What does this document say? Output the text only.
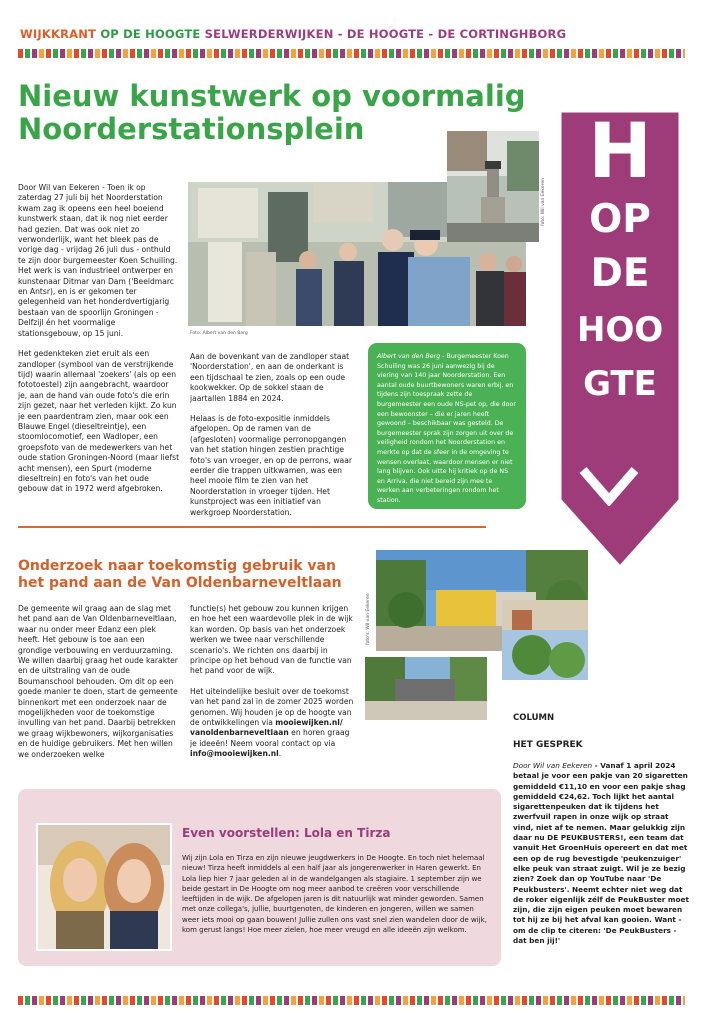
WIJKKRANT OP DE HOOGTE SELWERDERWIJKEN - DE HOOGTE - DE CORTINGHBORG
Nieuw kunstwerk op voormalig Noorderstationsplein

Door Wil van Eekeren - Toen ik op zaterdag 27 juli bij het Noorderstation kwam zag ik opeens een heel boeiend kunstwerk staan, dat ik nog niet eerder had gezien. Dat was ook niet zo verwonderlijk, want het bleek pas de vorige dag - vrijdag 26 juli dus - onthuld te zijn door burgemeester Koen Schuiling. Het werk is van industrieel ontwerper en kunstenaar Ditmar van Dam ('Beeldmarc en Antsr), en is er gekomen ter gelegenheid van het honderdvertigjarig bestaan van de spoorlijn Groningen - Delfzijl én het voormalige stationsgebouw, op 15 juni.

Het gedenkteken ziet eruit als een zandloper (symbool van de verstrijkende tijd) waarin allemaal 'zoekers' (als op een fototoestel) zijn aangebracht, waardoor je, aan de hand van oude foto's die erin zijn gezet, naar het verleden kijkt. Zo kun je een paardentram zien, maar ook een Blauwe Engel (dieseltreintje), een stoomlocomotief, een Wadloper, een groepsfoto van de medewerkers van het oude station Groningen-Noord (maar liefst acht mensen), een Spurt (moderne dieseltrein) en foto's van het oude gebouw dat in 1972 werd afgebroken.

Foto: Albert van den Berg
foto: Wil van Eekeren

Aan de bovenkant van de zandloper staat 'Noorderstation', en aan de onderkant is een tijdschaal te zien, zoals op een oude kookwekker. Op de sokkel staan de jaartallen 1884 en 2024.

Helaas is de foto-expositie inmiddels afgelopen. Op de ramen van de (afgesloten) voormalige perronopgangen van het station hingen zestien prachtige foto's van vroeger, en op de perrons, waar eerder die trappen uitkwamen, was een heel mooie film te zien van het Noorderstation in vroeger tijden. Het kunstproject was een initiatief van werkgroep Noorderstation.

Albert van den Berg - Burgemeester Koen Schuiling was 26 juni aanwezig bij de viering van 140 jaar Noorderstation. Een aantal oude buurtbewoners waren erbij, en tijdens zijn toespraak zette de burgemeester een oude NS-pet op, die door een bewoonster – die er jaren heeft gewoond – beschikbaar was gesteld. De burgemeester sprak zijn zorgen uit over de veiligheid rondom het Noorderstation en merkte op dat de sfeer in de omgeving te wensen overlaat, waardoor mensen er niet lang blijven. Ook uitte hij kritiek op de NS en Arriva, die niet bereid zijn mee te werken aan verbeteringen rondom het station.
Onderzoek naar toekomstig gebruik van het pand aan de Van Oldenbarneveltlaan

De gemeente wil graag aan de slag met het pand aan de Van Oldenbarneveltlaan, waar nu onder meer Edanz een plek heeft. Het gebouw is toe aan een grondige verbouwing en verduurzaming. We willen daarbij graag het oude karakter en de uitstraling van de oude Boumanschool behouden. Om dit op een goede manier te doen, start de gemeente binnenkort met een onderzoek naar de mogelijkheden voor de toekomstige invulling van het pand. Daarbij betrekken we graag wijkbewoners, wijkorganisaties en de huidige gebruikers. Met hen willen we onderzoeken welke

functie(s) het gebouw zou kunnen krijgen en hoe het een waardevolle plek in de wijk kan worden. Op basis van het onderzoek werken we twee naar verschillende scenario's. We richten ons daarbij in principe op het behoud van de functie van het pand voor de wijk.

Het uiteindelijke besluit over de toekomst van het pand zal in de zomer 2025 worden genomen. Wij houden je op de hoogte van de ontwikkelingen via mooiewijken.nl/ vanoldenbarneveltlaan en horen graag je ideeën! Neem vooral contact op via info@mooiewijken.nl.

foto's: Wil van Eekeren
COLUMN
HET GESPREK
Door Wil van Eekeren - Vanaf 1 april 2024 betaal je voor een pakje van 20 sigaretten gemiddeld €11,10 en voor een pakje shag gemiddeld €24,62. Toch lijkt het aantal sigarettenpeuken dat ik tijdens het zwerfvuil rapen in onze wijk op straat vind, niet af te nemen. Maar gelukkig zijn daar nu DE PEUKBUSTERS!, een team dat vanuit Het GroenHuis opereert en dat met een op de rug bevestigde 'peukenzuiger' elke peuk van straat zuigt. Wil je ze bezig zien? Zoek dan op YouTube naar 'De Peukbusters'. Neemt echter niet weg dat de roker eigenlijk zélf de PeukBuster moet zijn, die zijn eigen peuken moet bewaren tot hij ze bij het afval kan gooien. Want - om de clip te citeren: 'De PeukBusters - dat ben jij!'
Even voorstellen: Lola en Tirza
Wij zijn Lola en Tirza en zijn nieuwe jeugdwerkers in De Hoogte. En toch niet helemaal nieuw! Tirza heeft inmiddels al een half jaar als jongerenwerker in Haren gewerkt. En Lola liep hier 7 jaar geleden al in de wandelgangen als stagiaire. 1 september zijn we beide gestart in De Hoogte om nog meer aanbod te creëren voor verschillende leeftijden in de wijk. De afgelopen jaren is dit natuurlijk wat minder geworden. Samen met onze collega's, jullie, buurtgenoten, de kinderen en jongeren, willen we samen weer iets mooi op gaan bouwen! Jullie zullen ons vast snel zien wandelen door de wijk, kom gerust langs! Hoe meer zielen, hoe meer vreugd en alle ideeën zijn welkom.
H
OP
DE
HOO
GTE
OKTOBER 2024
